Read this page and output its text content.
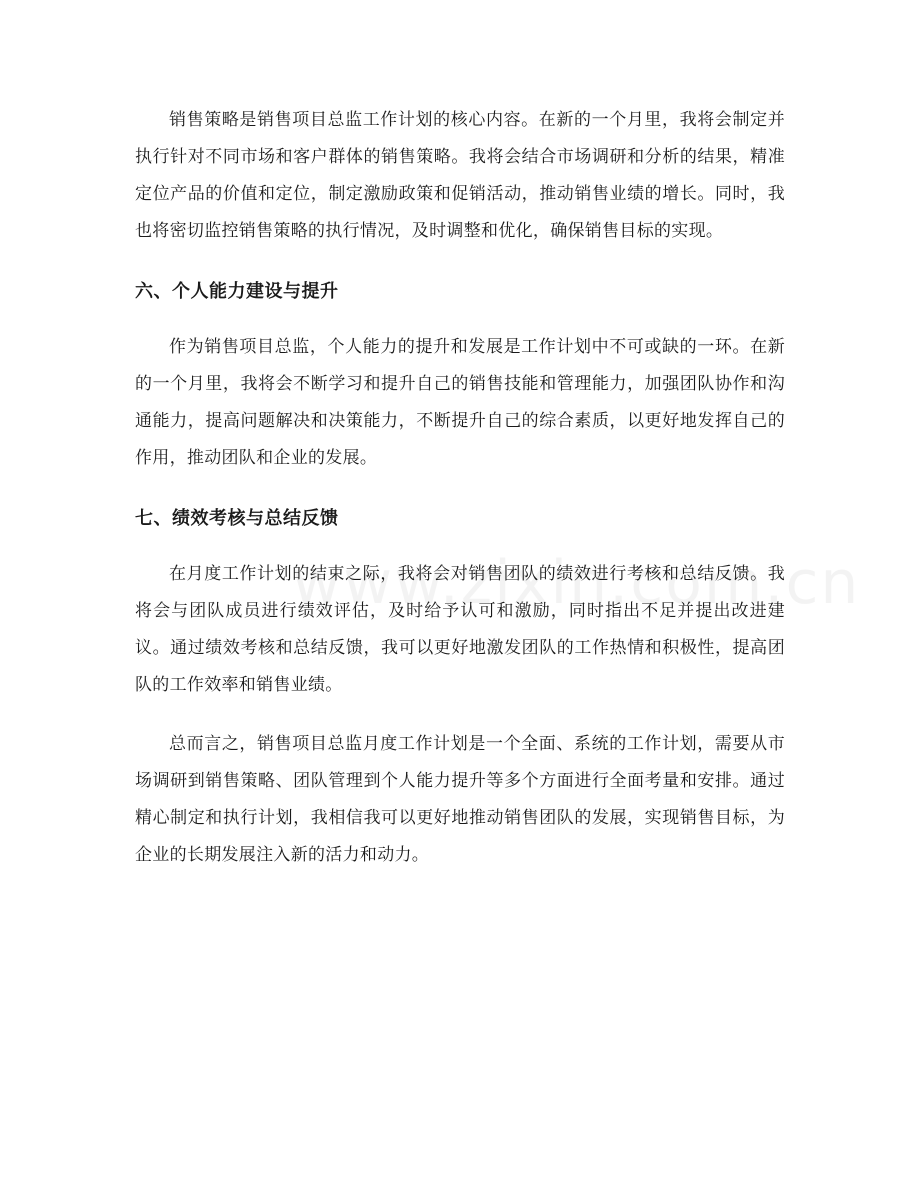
销售策略是销售项目总监工作计划的核心内容。在新的一个月里，我将会制定并执行针对不同市场和客户群体的销售策略。我将会结合市场调研和分析的结果，精准定位产品的价值和定位，制定激励政策和促销活动，推动销售业绩的增长。同时，我也将密切监控销售策略的执行情况，及时调整和优化，确保销售目标的实现。

六、个人能力建设与提升

作为销售项目总监，个人能力的提升和发展是工作计划中不可或缺的一环。在新的一个月里，我将会不断学习和提升自己的销售技能和管理能力，加强团队协作和沟通能力，提高问题解决和决策能力，不断提升自己的综合素质，以更好地发挥自己的作用，推动团队和企业的发展。

七、绩效考核与总结反馈

在月度工作计划的结束之际，我将会对销售团队的绩效进行考核和总结反馈。我将会与团队成员进行绩效评估，及时给予认可和激励，同时指出不足并提出改进建议。通过绩效考核和总结反馈，我可以更好地激发团队的工作热情和积极性，提高团队的工作效率和销售业绩。

总而言之，销售项目总监月度工作计划是一个全面、系统的工作计划，需要从市场调研到销售策略、团队管理到个人能力提升等多个方面进行全面考量和安排。通过精心制定和执行计划，我相信我可以更好地推动销售团队的发展，实现销售目标，为企业的长期发展注入新的活力和动力。
